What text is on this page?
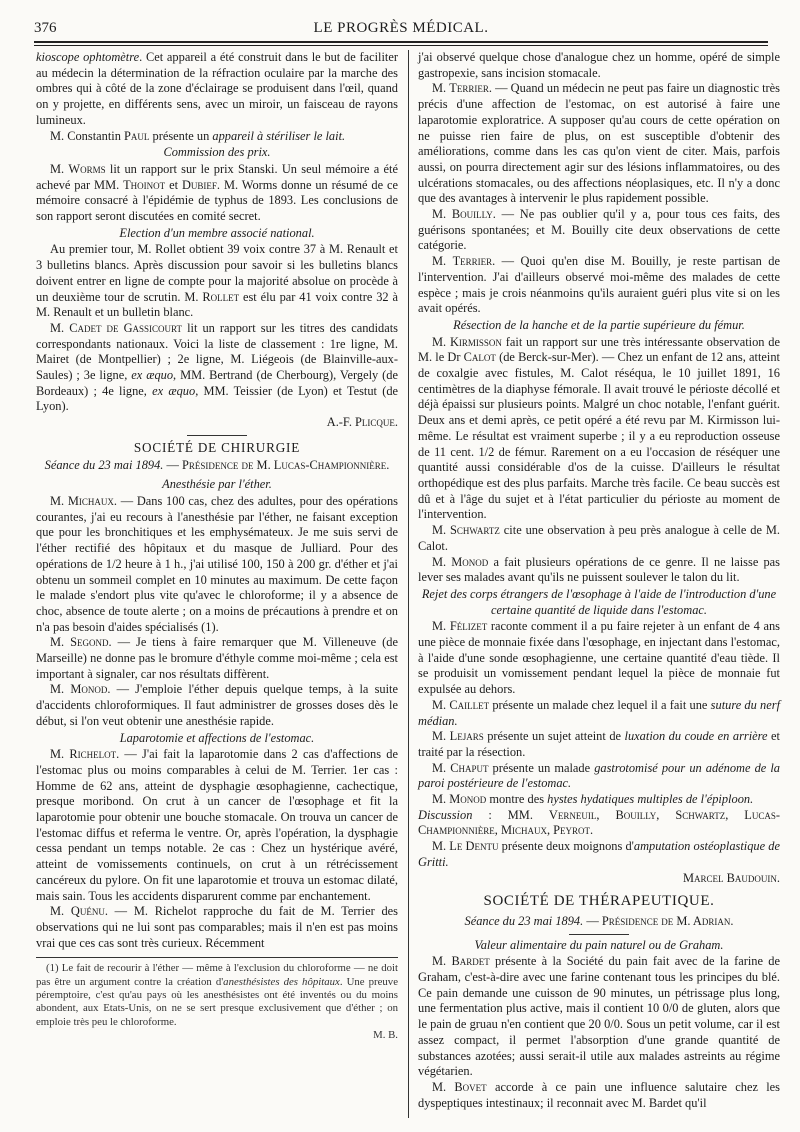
376	LE PROGRÈS MÉDICAL.

kioscope ophtomètre. Cet appareil a été construit dans le but de faciliter au médecin la détermination de la réfraction oculaire par la marche des ombres qui à côté de la zone d'éclairage se produisent dans l'œil, quand on y projette, en différents sens, avec un miroir, un faisceau de rayons lumineux.

M. Constantin Paul présente un appareil à stériliser le lait.

Commission des prix.

M. Worms lit un rapport sur le prix Stanski. Un seul mémoire a été achevé par MM. Thoinot et Dubief. M. Worms donne un résumé de ce mémoire consacré à l'épidémie de typhus de 1893. Les conclusions de son rapport seront discutées en comité secret.

Election d'un membre associé national.

Au premier tour, M. Rollet obtient 39 voix contre 37 à M. Renault et 3 bulletins blancs. Après discussion pour savoir si les bulletins blancs doivent entrer en ligne de compte pour la majorité absolue on procède à un deuxième tour de scrutin. M. Rollet est élu par 41 voix contre 32 à M. Renault et un bulletin blanc.

M. Cadet de Gassicourt lit un rapport sur les titres des candidats correspondants nationaux. Voici la liste de classement : 1re ligne, M. Mairet (de Montpellier) ; 2e ligne, M. Liégeois (de Blainville-aux-Saules) ; 3e ligne, ex æquo, MM. Bertrand (de Cherbourg), Vergely (de Bordeaux) ; 4e ligne, ex æquo, MM. Teissier (de Lyon) et Testut (de Lyon).

A.-F. Plicque.

SOCIÉTÉ DE CHIRURGIE

Séance du 23 mai 1894. — Présidence de M. Lucas-Championnière.

Anesthésie par l'éther.

M. Michaux. — Dans 100 cas, chez des adultes, pour des opérations courantes, j'ai eu recours à l'anesthésie par l'éther, ne faisant exception que pour les bronchitiques et les emphysémateux. Je me suis servi de l'éther rectifié des hôpitaux et du masque de Julliard. Pour des opérations de 1/2 heure à 1 h., j'ai utilisé 100, 150 à 200 gr. d'éther et j'ai obtenu un sommeil complet en 10 minutes au maximum. De cette façon le malade s'endort plus vite qu'avec le chloroforme; il y a absence de choc, absence de toute alerte ; on a moins de précautions à prendre et on n'a pas besoin d'aides spécialisés (1).

M. Segond. — Je tiens à faire remarquer que M. Villeneuve (de Marseille) ne donne pas le bromure d'éthyle comme moi-même ; cela est important à signaler, car nos résultats diffèrent.

M. Monod. — J'emploie l'éther depuis quelque temps, à la suite d'accidents chloroformiques. Il faut administrer de grosses doses dès le début, si l'on veut obtenir une anesthésie rapide.

Laparotomie et affections de l'estomac.

M. Richelot. — J'ai fait la laparotomie dans 2 cas d'affections de l'estomac plus ou moins comparables à celui de M. Terrier. 1er cas : Homme de 62 ans, atteint de dysphagie œsophagienne, cachectique, presque moribond. On crut à un cancer de l'œsophage et fit la laparotomie pour obtenir une bouche stomacale. On trouva un cancer de l'estomac diffus et referma le ventre. Or, après l'opération, la dysphagie cessa pendant un temps notable. 2e cas : Chez un hystérique avéré, atteint de vomissements continuels, on crut à un rétrécissement cancéreux du pylore. On fit une laparotomie et trouva un estomac dilaté, mais sain. Tous les accidents disparurent comme par enchantement.

M. Quénu. — M. Richelot rapproche du fait de M. Terrier des observations qui ne lui sont pas comparables; mais il n'en est pas moins vrai que ces cas sont très curieux. Récemment

(1) Le fait de recourir à l'éther — même à l'exclusion du chloroforme — ne doit pas être un argument contre la création d'anesthésistes des hôpitaux. Une preuve péremptoire, c'est qu'au pays où les anesthésistes ont été inventés ou du moins abondent, aux Etats-Unis, on ne se sert presque exclusivement que d'éther ; on emploie très peu le chloroforme.

M. B.

j'ai observé quelque chose d'analogue chez un homme, opéré de simple gastropexie, sans incision stomacale.

M. Terrier. — Quand un médecin ne peut pas faire un diagnostic très précis d'une affection de l'estomac, on est autorisé à faire une laparotomie exploratrice. A supposer qu'au cours de cette opération on ne puisse rien faire de plus, on est susceptible d'obtenir des améliorations, comme dans les cas qu'on vient de citer. Mais, parfois aussi, on pourra directement agir sur des lésions inflammatoires, ou des ulcérations stomacales, ou des affections néoplasiques, etc. Il n'y a donc que des avantages à intervenir le plus rapidement possible.

M. Bouilly. — Ne pas oublier qu'il y a, pour tous ces faits, des guérisons spontanées; et M. Bouilly cite deux observations de cette catégorie.

M. Terrier. — Quoi qu'en dise M. Bouilly, je reste partisan de l'intervention. J'ai d'ailleurs observé moi-même des malades de cette espèce ; mais je crois néanmoins qu'ils auraient guéri plus vite si on les avait opérés.

Résection de la hanche et de la partie supérieure du fémur.

M. Kirmisson fait un rapport sur une très intéressante observation de M. le Dr Calot (de Berck-sur-Mer). — Chez un enfant de 12 ans, atteint de coxalgie avec fistules, M. Calot réséqua, le 10 juillet 1891, 16 centimètres de la diaphyse fémorale. Il avait trouvé le périoste décollé et déjà épaissi sur plusieurs points. Malgré un choc notable, l'enfant guérit. Deux ans et demi après, ce petit opéré a été revu par M. Kirmisson lui-même. Le résultat est vraiment superbe ; il y a eu reproduction osseuse de 11 cent. 1/2 de fémur. Rarement on a eu l'occasion de réséquer une quantité aussi considérable d'os de la cuisse. D'ailleurs le résultat orthopédique est des plus parfaits. Marche très facile. Ce beau succès est dû et à l'âge du sujet et à l'état particulier du périoste au moment de l'intervention.

M. Schwartz cite une observation à peu près analogue à celle de M. Calot.

M. Monod a fait plusieurs opérations de ce genre. Il ne laisse pas lever ses malades avant qu'ils ne puissent soulever le talon du lit.

Rejet des corps étrangers de l'œsophage à l'aide de l'introduction d'une certaine quantité de liquide dans l'estomac.

M. Félizet raconte comment il a pu faire rejeter à un enfant de 4 ans une pièce de monnaie fixée dans l'œsophage, en injectant dans l'estomac, à l'aide d'une sonde œsophagienne, une certaine quantité d'eau tiède. Il se produisit un vomissement pendant lequel la pièce de monnaie fut expulsée au dehors.

M. Caillet présente un malade chez lequel il a fait une suture du nerf médian.

M. Lejars présente un sujet atteint de luxation du coude en arrière et traité par la résection.

M. Chaput présente un malade gastrotomisé pour un adénome de la paroi postérieure de l'estomac.

M. Monod montre des hystes hydatiques multiples de l'épiploon.

Discussion : MM. Verneuil, Bouilly, Schwartz, Lucas-Championnière, Michaux, Peyrot.

M. Le Dentu présente deux moignons d'amputation ostéoplastique de Gritti.

Marcel Baudouin.

SOCIÉTÉ DE THÉRAPEUTIQUE.

Séance du 23 mai 1894. — Présidence de M. Adrian.

Valeur alimentaire du pain naturel ou de Graham.

M. Bardet présente à la Société du pain fait avec de la farine de Graham, c'est-à-dire avec une farine contenant tous les principes du blé. Ce pain demande une cuisson de 90 minutes, un pétrissage plus long, une fermentation plus active, mais il contient 10 0/0 de gluten, alors que le pain de gruau n'en contient que 20 0/0. Sous un petit volume, car il est assez compact, il permet l'absorption d'une grande quantité de substances azotées; aussi serait-il utile aux malades astreints au régime végétarien.

M. Bovet accorde à ce pain une influence salutaire chez les dyspeptiques intestinaux; il reconnait avec M. Bardet qu'il
